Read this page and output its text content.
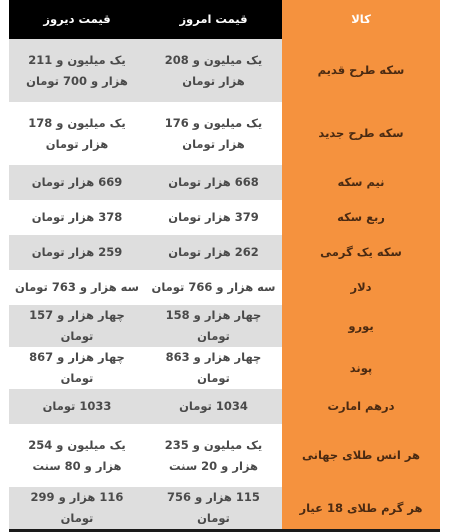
کالا	قیمت امروز	قیمت دیروز
سکه طرح قدیم	یک میلیون و 208 هزار تومان	یک میلیون و 211 هزار و 700 تومان
سکه طرح جدید	یک میلیون و 176 هزار تومان	یک میلیون و 178 هزار تومان
نیم سکه	668 هزار تومان	669 هزار تومان
ربع سکه	379 هزار تومان	378 هزار تومان
سکه یک گرمی	262 هزار تومان	259 هزار تومان
دلار	سه هزار و 766 تومان	سه هزار و 763 تومان
یورو	چهار هزار و 158 تومان	چهار هزار و 157 تومان
پوند	چهار هزار و 863 تومان	چهار هزار و 867 تومان
درهم امارت	1034 تومان	1033 تومان
هر انس طلای جهانی	یک میلیون و 235 هزار و 20 سنت	یک میلیون و 254 هزار و 80 سنت
هر گرم طلای 18 عیار	115 هزار و 756 تومان	116 هزار و 299 تومان
